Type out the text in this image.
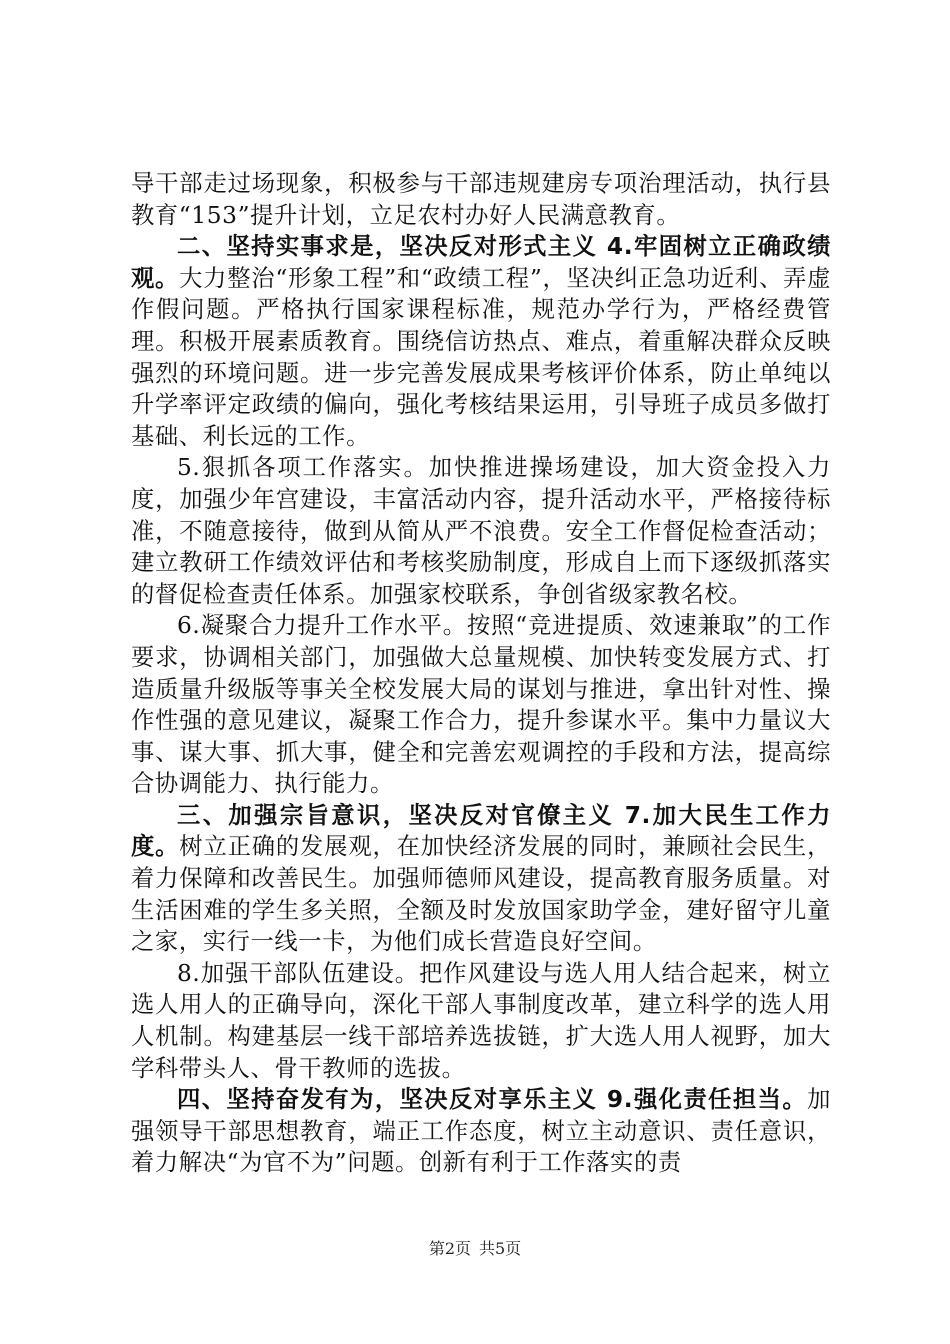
导干部走过场现象，积极参与干部违规建房专项治理活动，执行县教育“153”提升计划，立足农村办好人民满意教育。

二、坚持实事求是，坚决反对形式主义 4.牢固树立正确政绩观。大力整治“形象工程”和“政绩工程”，坚决纠正急功近利、弄虚作假问题。严格执行国家课程标准，规范办学行为，严格经费管理。积极开展素质教育。围绕信访热点、难点，着重解决群众反映强烈的环境问题。进一步完善发展成果考核评价体系，防止单纯以升学率评定政绩的偏向，强化考核结果运用，引导班子成员多做打基础、利长远的工作。

5.狠抓各项工作落实。加快推进操场建设，加大资金投入力度，加强少年宫建设，丰富活动内容，提升活动水平，严格接待标准，不随意接待，做到从简从严不浪费。安全工作督促检查活动；建立教研工作绩效评估和考核奖励制度，形成自上而下逐级抓落实的督促检查责任体系。加强家校联系，争创省级家教名校。

6.凝聚合力提升工作水平。按照“竞进提质、效速兼取”的工作要求，协调相关部门，加强做大总量规模、加快转变发展方式、打造质量升级版等事关全校发展大局的谋划与推进，拿出针对性、操作性强的意见建议，凝聚工作合力，提升参谋水平。集中力量议大事、谋大事、抓大事，健全和完善宏观调控的手段和方法，提高综合协调能力、执行能力。

三、加强宗旨意识，坚决反对官僚主义 7.加大民生工作力度。树立正确的发展观，在加快经济发展的同时，兼顾社会民生，着力保障和改善民生。加强师德师风建设，提高教育服务质量。对生活困难的学生多关照，全额及时发放国家助学金，建好留守儿童之家，实行一线一卡，为他们成长营造良好空间。

8.加强干部队伍建设。把作风建设与选人用人结合起来，树立选人用人的正确导向，深化干部人事制度改革，建立科学的选人用人机制。构建基层一线干部培养选拔链，扩大选人用人视野，加大学科带头人、骨干教师的选拔。

四、坚持奋发有为，坚决反对享乐主义 9.强化责任担当。加强领导干部思想教育，端正工作态度，树立主动意识、责任意识，着力解决“为官不为”问题。创新有利于工作落实的责

第2页 共5页
